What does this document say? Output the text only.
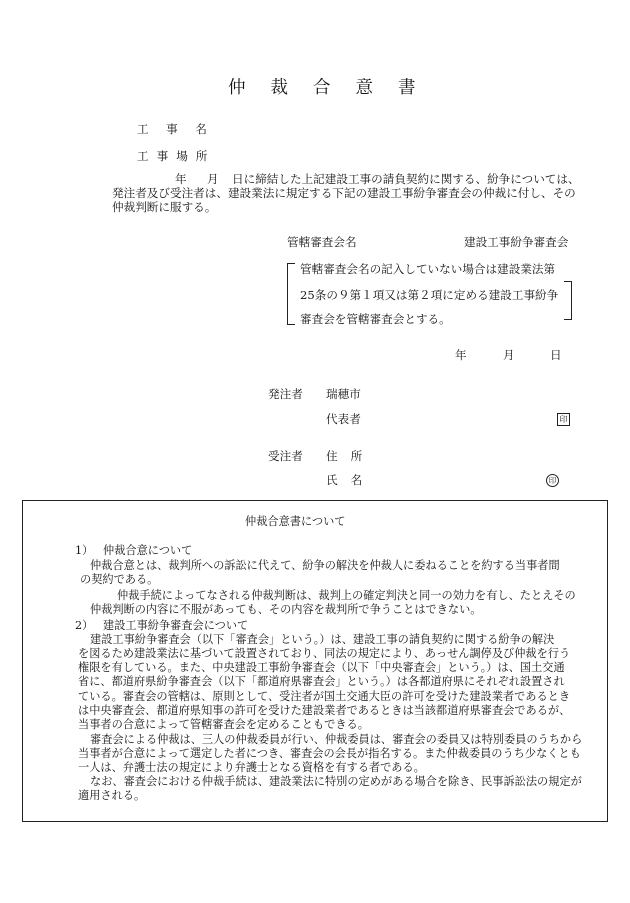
仲裁合意書
工事名
工事場所
年 月 日に締結した上記建設工事の請負契約に関する、紛争については、
発注者及び受注者は、建設業法に規定する下記の建設工事紛争審査会の仲裁に付し、その
仲裁判断に服する。
管轄審査会名	建設工事紛争審査会
管轄審査会名の記入していない場合は建設業法第
25条の９第１項又は第２項に定める建設工事紛争
審査会を管轄審査会とする。
年	月	日
発注者 瑞穂市
代表者	印
受注者 住所
氏名	印
仲裁合意書について
1） 仲裁合意について
仲裁合意とは、裁判所への訴訟に代えて、紛争の解決を仲裁人に委ねることを約する当事者間
の契約である。
仲裁手続によってなされる仲裁判断は、裁判上の確定判決と同一の効力を有し、たとえその
仲裁判断の内容に不服があっても、その内容を裁判所で争うことはできない。
2） 建設工事紛争審査会について
建設工事紛争審査会（以下「審査会」という。）は、建設工事の請負契約に関する紛争の解決
を図るため建設業法に基づいて設置されており、同法の規定により、あっせん調停及び仲裁を行う
権限を有している。また、中央建設工事紛争審査会（以下「中央審査会」という。）は、国土交通
省に、都道府県紛争審査会（以下「都道府県審査会」という。）は各都道府県にそれぞれ設置され
ている。審査会の管轄は、原則として、受注者が国土交通大臣の許可を受けた建設業者であるとき
は中央審査会、都道府県知事の許可を受けた建設業者であるときは当該都道府県審査会であるが、
当事者の合意によって管轄審査会を定めることもできる。
審査会による仲裁は、三人の仲裁委員が行い、仲裁委員は、審査会の委員又は特別委員のうちから
当事者が合意によって選定した者につき、審査会の会長が指名する。また仲裁委員のうち少なくとも
一人は、弁護士法の規定により弁護士となる資格を有する者である。
なお、審査会における仲裁手続は、建設業法に特別の定めがある場合を除き、民事訴訟法の規定が
適用される。
